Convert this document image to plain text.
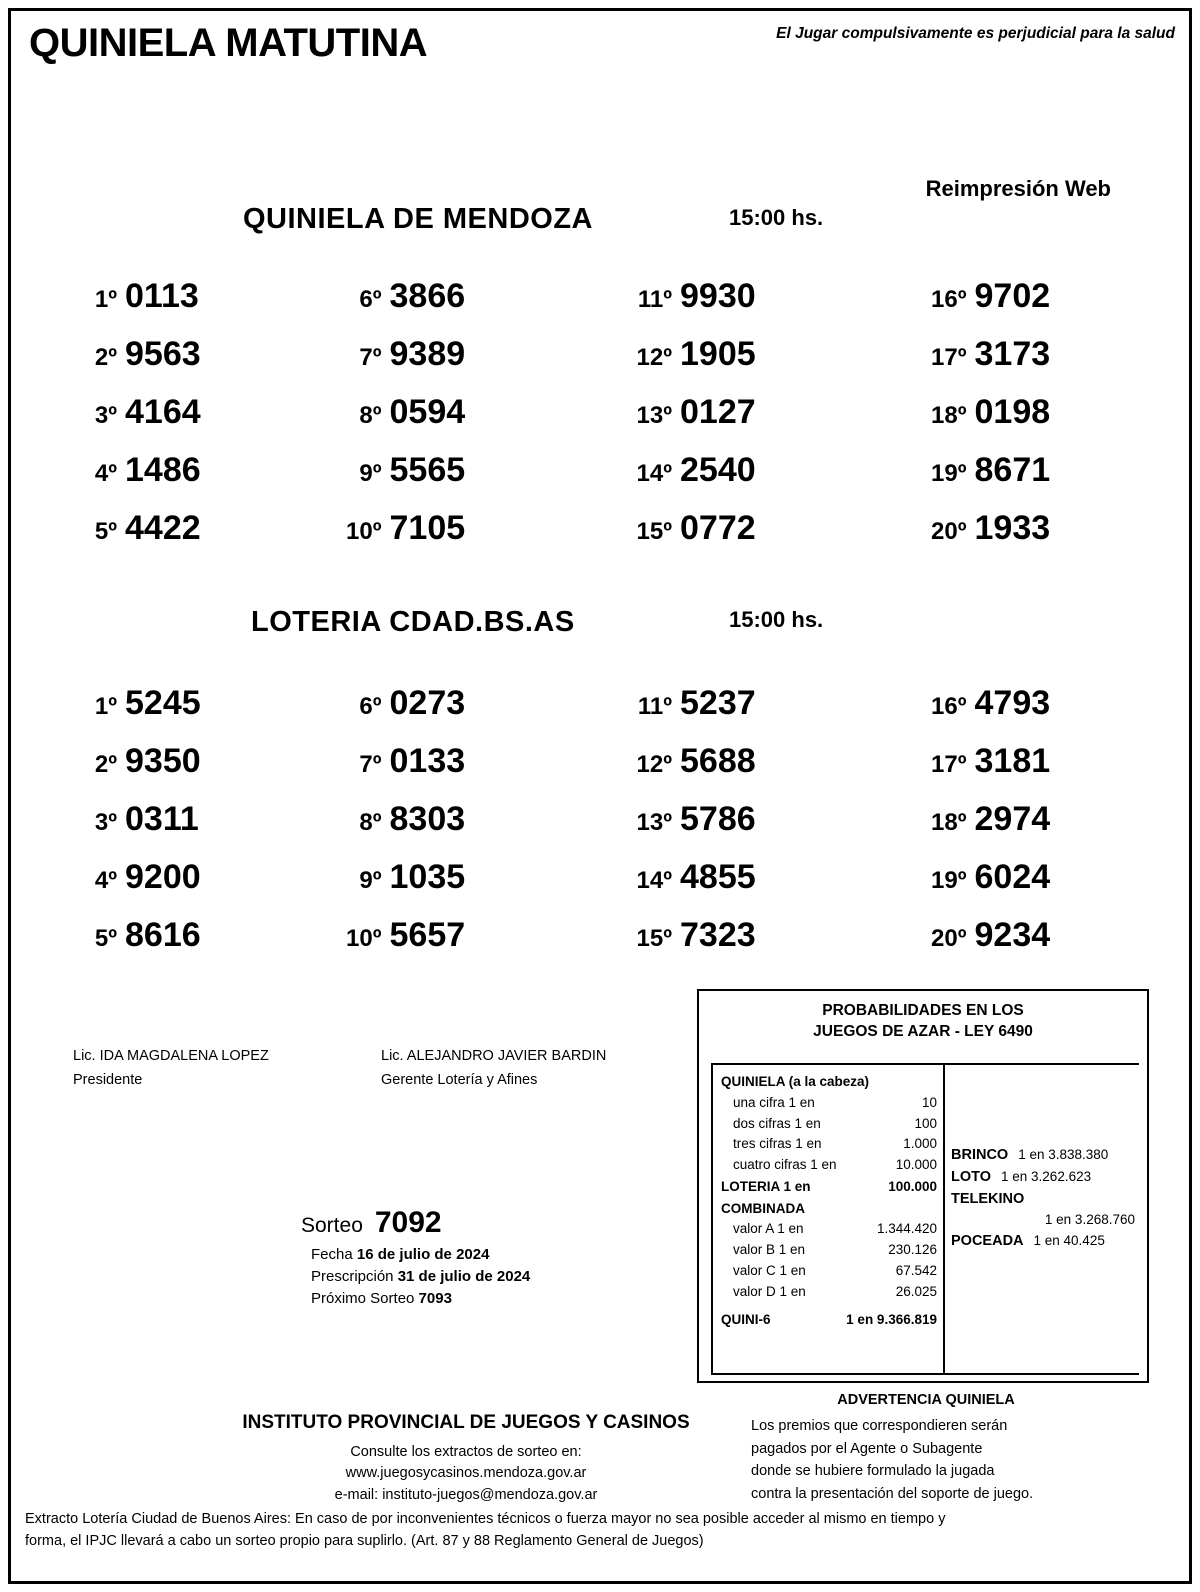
QUINIELA MATUTINA	El Jugar compulsivamente es perjudicial para la salud
Reimpresión Web
QUINIELA DE MENDOZA	15:00 hs.
1º 0113	6º 3866	11º 9930	16º 9702
2º 9563	7º 9389	12º 1905	17º 3173
3º 4164	8º 0594	13º 0127	18º 0198
4º 1486	9º 5565	14º 2540	19º 8671
5º 4422	10º 7105	15º 0772	20º 1933
LOTERIA CDAD.BS.AS	15:00 hs.
1º 5245	6º 0273	11º 5237	16º 4793
2º 9350	7º 0133	12º 5688	17º 3181
3º 0311	8º 8303	13º 5786	18º 2974
4º 9200	9º 1035	14º 4855	19º 6024
5º 8616	10º 5657	15º 7323	20º 9234
Lic. IDA MAGDALENA LOPEZ
Presidente
Lic. ALEJANDRO JAVIER BARDIN
Gerente Lotería y Afines
Sorteo 7092
Fecha 16 de julio de 2024
Prescripción 31 de julio de 2024
Próximo Sorteo 7093
PROBABILIDADES EN LOS
JUEGOS DE AZAR - LEY 6490
QUINIELA (a la cabeza)
una cifra 1 en	10
dos cifras 1 en	100
tres cifras 1 en	1.000
cuatro cifras 1 en	10.000
LOTERIA 1 en	100.000
COMBINADA
valor A 1 en	1.344.420
valor B 1 en	230.126
valor C 1 en	67.542
valor D 1 en	26.025
QUINI-6	1 en 9.366.819
BRINCO 1 en 3.838.380
LOTO 1 en 3.262.623
TELEKINO
1 en 3.268.760
POCEADA 1 en 40.425
ADVERTENCIA QUINIELA
Los premios que correspondieren serán
pagados por el Agente o Subagente
donde se hubiere formulado la jugada
contra la presentación del soporte de juego.
INSTITUTO PROVINCIAL DE JUEGOS Y CASINOS
Consulte los extractos de sorteo en:
www.juegosycasinos.mendoza.gov.ar
e-mail: instituto-juegos@mendoza.gov.ar
Extracto Lotería Ciudad de Buenos Aires: En caso de por inconvenientes técnicos o fuerza mayor no sea posible acceder al mismo en tiempo y
forma, el IPJC llevará a cabo un sorteo propio para suplirlo. (Art. 87 y 88 Reglamento General de Juegos)
